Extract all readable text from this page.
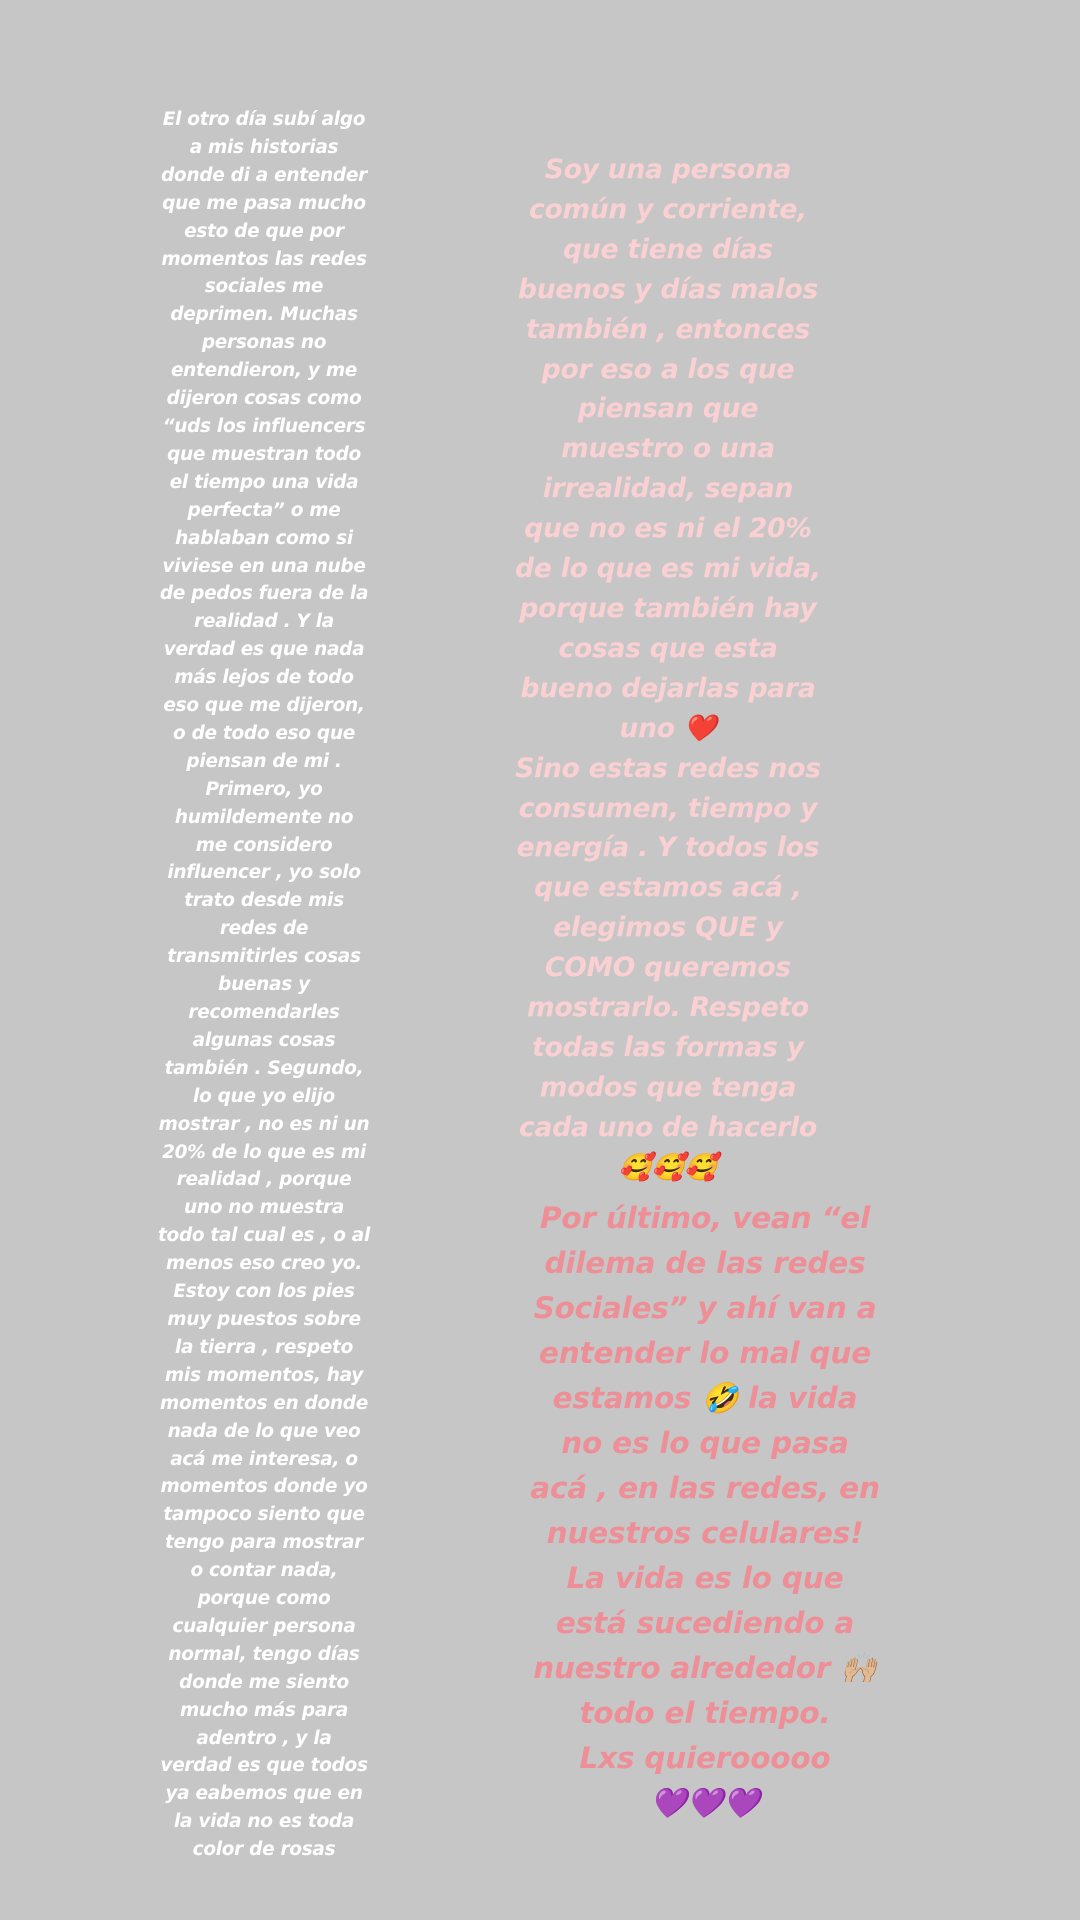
El otro día subí algo
a mis historias
donde di a entender
que me pasa mucho
esto de que por
momentos las redes
sociales me
deprimen. Muchas
personas no
entendieron, y me
dijeron cosas como
“uds los influencers
que muestran todo
el tiempo una vida
perfecta” o me
hablaban como si
viviese en una nube
de pedos fuera de la
realidad . Y la
verdad es que nada
más lejos de todo
eso que me dijeron,
o de todo eso que
piensan de mi .
Primero, yo
humildemente no
me considero
influencer , yo solo
trato desde mis
redes de
transmitirles cosas
buenas y
recomendarles
algunas cosas
también . Segundo,
lo que yo elijo
mostrar , no es ni un
20% de lo que es mi
realidad , porque
uno no muestra
todo tal cual es , o al
menos eso creo yo.
Estoy con los pies
muy puestos sobre
la tierra , respeto
mis momentos, hay
momentos en donde
nada de lo que veo
acá me interesa, o
momentos donde yo
tampoco siento que
tengo para mostrar
o contar nada,
porque como
cualquier persona
normal, tengo días
donde me siento
mucho más para
adentro , y la
verdad es que todos
ya eabemos que en
la vida no es toda
color de rosas

Soy una persona
común y corriente,
que tiene días
buenos y días malos
también , entonces
por eso a los que
piensan que
muestro o una
irrealidad, sepan
que no es ni el 20%
de lo que es mi vida,
porque también hay
cosas que esta
bueno dejarlas para
uno ❤️
Sino estas redes nos
consumen, tiempo y
energía . Y todos los
que estamos acá ,
elegimos QUE y
COMO queremos
mostrarlo. Respeto
todas las formas y
modos que tenga
cada uno de hacerlo
🥰🥰🥰

Por último, vean “el
dilema de las redes
Sociales” y ahí van a
entender lo mal que
estamos 🤣 la vida
no es lo que pasa
acá , en las redes, en
nuestros celulares!
La vida es lo que
está sucediendo a
nuestro alrededor 🙌🏼
todo el tiempo.
Lxs quierooooo
💜💜💜
